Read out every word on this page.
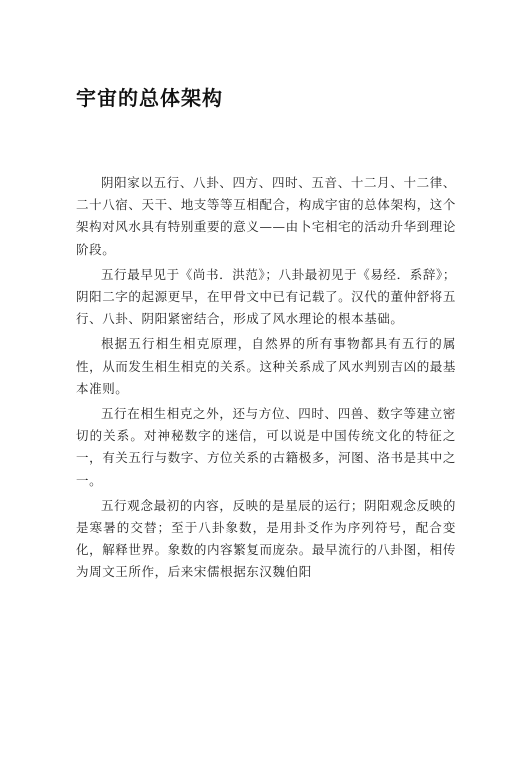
宇宙的总体架构

阴阳家以五行、八卦、四方、四时、五音、十二月、十二律、二十八宿、天干、地支等等互相配合，构成宇宙的总体架构，这个架构对风水具有特别重要的意义——由卜宅相宅的活动升华到理论阶段。

五行最早见于《尚书．洪范》；八卦最初见于《易经．系辞》；阴阳二字的起源更早，在甲骨文中已有记载了。汉代的董仲舒将五行、八卦、阴阳紧密结合，形成了风水理论的根本基础。

根据五行相生相克原理，自然界的所有事物都具有五行的属性，从而发生相生相克的关系。这种关系成了风水判别吉凶的最基本准则。

五行在相生相克之外，还与方位、四时、四兽、数字等建立密切的关系。对神秘数字的迷信，可以说是中国传统文化的特征之一，有关五行与数字、方位关系的古籍极多，河图、洛书是其中之一。

五行观念最初的内容，反映的是星辰的运行；阴阳观念反映的是寒暑的交替；至于八卦象数，是用卦爻作为序列符号，配合变化，解释世界。象数的内容繁复而庞杂。最早流行的八卦图，相传为周文王所作，后来宋儒根据东汉魏伯阳
